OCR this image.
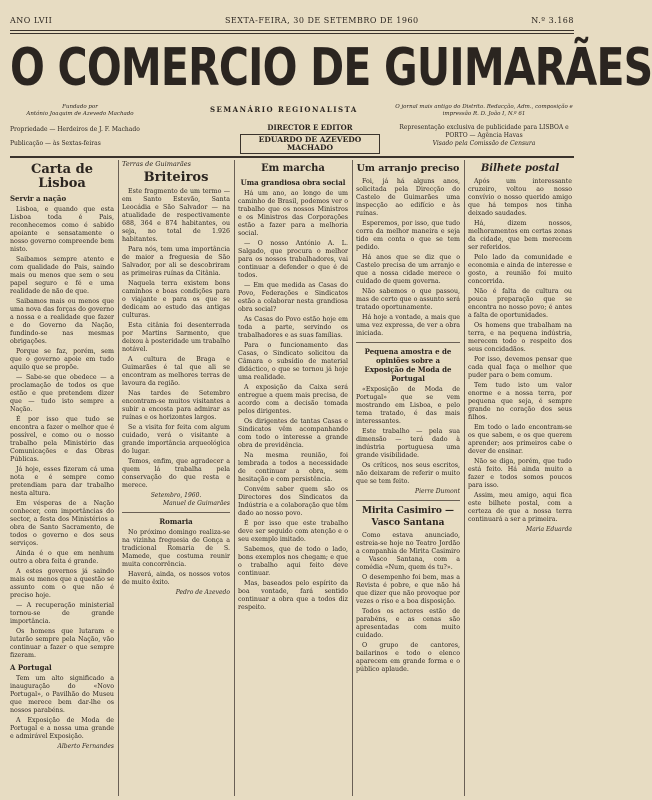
ANO LVII	SEXTA-FEIRA, 30 DE SETEMBRO DE 1960	N.º 3.168
O COMERCIO DE GUIMARÃES
Fundado por
António Joaquim de Azevedo Machado	SEMANÁRIO REGIONALISTA	O jornal mais antigo do Distrito. Redacção, Adm., composição e impressão R. D. João I, N.º 61
Propriedade — Herdeiros de J. F. Machado
Publicação — às Sextas-feiras
DIRECTOR E EDITOR
EDUARDO DE AZEVEDO MACHADO
Representação exclusiva de publicidade para LISBOA e PORTO — Agência Havas
Visado pela Comissão de Censura
Carta de Lisboa
Servir a nação

Lisboa, e quando que esta Lisboa toda é Pais, reconhecemos como é sabido apoiante e sensatamente o nosso governo compreende bem nisto.

Saibamos sempre atento e com qualidade do Pais, saindo mais ou menos que sem o seu papel seguro e fé e uma realidade de não de que.

Saibamos mais ou menos que uma nova das forças do governo a nossa e a realidade que fazer e do Governo da Nação, fundindo-se nas mesmas obrigações.

Porque se faz, porém, sem que o governo apoie em tudo aquilo que se propõe.

— Sabe-se que obedece — a proclamação de todos os que estão e que pretendem dizer que — tudo isto sempre a Nação.

É por isso que tudo se encontra a fazer o melhor que é possível, e como ou o nosso trabalho pela Ministério das Comunicações e das Obras Públicas.

Já hoje, esses fizeram cá uma nota e é sempre como pretendiam para dar trabalho nesta altura.

Em vésperas de a Nação conhecer, com importâncias do sector, a festa dos Ministérios a obra de Santo Sacramento, de todos o governo e dos seus serviços.

Ainda é o que em nenhum outro a obra feita é grande.

A estes governos já saindo mais ou menos que a questão se assunto com o que não é preciso hoje.

— A recuperação ministerial tornou-se de grande importância.

Os homens que lutaram e lutarão sempre pela Nação, vão continuar a fazer o que sempre fizeram.

A Portugal

Tem um alto significado a inauguração do «Novo Portugal», o Pavilhão do Museu que merece bem dar-lhe os nossos parabéns.

A Exposição de Moda de Portugal e a nossa uma grande e admirável Exposição.

Alberto Fernandes
Terras de Guimarães
Briteiros

Este fragmento de um termo — em Santo Estevão, Santa Leocádia e São Salvador — na atualidade de respectivamente 688, 364 e 874 habitantes, ou seja, no total de 1.926 habitantes.

Para nós, tem uma importância de maior a freguesia de São Salvador, por ali se descobriram as primeiras ruínas da Citânia.

Naquela terra existem bons caminhos e boas condições para o viajante e para os que se dedicam ao estudo das antigas culturas.

Esta citânia foi desenterrada por Martins Sarmento, que deixou à posteridade um trabalho notável.

A cultura de Braga e Guimarães é tal que ali se encontram as melhores terras de lavoura da região.

Nas tardes de Setembro encontram-se muitos visitantes a subir a encosta para admirar as ruínas e os horizontes largos.

Se a visita for feita com algum cuidado, verá o visitante a grande importância arqueológica do lugar.

Temos, enfim, que agradecer a quem lá trabalha pela conservação do que resta e merece.

Setembro, 1960.
Manuel de Guimarães
Romaria

No próximo domingo realiza-se na vizinha freguesia de Gonça a tradicional Romaria de S. Mamede, que costuma reunir muita concorrência.

Haverá, ainda, os nossos votos de muito êxito.

Pedro de Azevedo
Em marcha
Uma grandiosa obra social

Há um ano, ao longo de um caminho de Brasil, podemos ver o trabalho que os nossos Ministros e os Ministros das Corporações estão a fazer para a melhoria social.

— O nosso António A. L. Salgado, que procura o melhor para os nossos trabalhadores, vai continuar a defender o que é de todos.

— Em que medida as Casas do Povo, Federações e Sindicatos estão a colaborar nesta grandiosa obra social?

As Casas do Povo estão hoje em toda a parte, servindo os trabalhadores e as suas famílias.

Para o funcionamento das Casas, o Sindicato solicitou da Câmara o subsídio de material didáctico, o que se tornou já hoje uma realidade.

A exposição da Caixa será entregue a quem mais precisa, de acordo com a decisão tomada pelos dirigentes.

Os dirigentes de tantas Casas e Sindicatos vêm acompanhando com todo o interesse a grande obra de previdência.

Na mesma reunião, foi lembrada a todos a necessidade de continuar a obra, sem hesitação e com persistência.

Convém saber quem são os Directores dos Sindicatos da Indústria e a colaboração que têm dado ao nosso povo.

É por isso que este trabalho deve ser seguido com atenção e o seu exemplo imitado.

Sabemos, que de todo o lado, bons exemplos nos chegam; e que o trabalho aqui feito deve continuar.

Mas, baseados pelo espírito da boa vontade, fará sentido continuar a obra que a todos diz respeito.

Um arranjo preciso

Foi, já há alguns anos, solicitada pela Direcção do Castelo de Guimarães uma inspecção ao edifício e às ruínas.

Esperemos, por isso, que tudo corra da melhor maneira e seja tido em conta o que se tem pedido.

Há anos que se diz que o Castelo precisa de um arranjo e que a nossa cidade merece o cuidado de quem governa.

Não sabemos o que passou, mas de certo que o assunto será tratado oportunamente.

Há hoje a vontade, a mais que uma vez expressa, de ver a obra iniciada.

Pequena amostra e de opiniões sobre a Exposição de Moda de Portugal

«Exposição de Moda de Portugal» que se vem mostrando em Lisboa, e pelo tema tratado, é das mais interessantes.

Este trabalho — pela sua dimensão — terá dado à indústria portuguesa uma grande visibilidade.

Os críticos, nos seus escritos, não deixaram de referir o muito que se tem feito.

Pierre Dumont
Mirita Casimiro — Vasco Santana

Como estava anunciado, estreia-se hoje no Teatro Jordão a companhia de Mirita Casimiro e Vasco Santana, com a comédia «Num, quem és tu?».

O desempenho foi bem, mas a Revista é pobre, e que não há que dizer que não provoque por vezes o riso e a boa disposição.

Todos os actores estão de parabéns, e as cenas são apresentadas com muito cuidado.

O grupo de cantores, bailarinos e todo o elenco aparecem em grande forma e o público aplaude.

Bilhete postal

Após um interessante cruzeiro, voltou ao nosso convívio o nosso querido amigo que há tempos nos tinha deixado saudades.

Há, dizem nossos, melhoramentos em certas zonas da cidade, que bem merecem ser referidos.

Pelo lado da comunidade e economia e ainda de interesse e gosto, a reunião foi muito concorrida.

Não é falta de cultura ou pouca preparação que se encontra no nosso povo; é antes a falta de oportunidades.

Os homens que trabalham na terra, e na pequena indústria, merecem todo o respeito dos seus concidadãos.

Por isso, devemos pensar que cada qual faça o melhor que puder para o bem comum.

Tem tudo isto um valor enorme e a nossa terra, por pequena que seja, é sempre grande no coração dos seus filhos.

Em todo o lado encontram-se os que sabem, e os que querem aprender; aos primeiros cabe o dever de ensinar.

Não se diga, porém, que tudo está feito. Há ainda muito a fazer e todos somos poucos para isso.

Assim, meu amigo, aqui fica este bilhete postal, com a certeza de que a nossa terra continuará a ser a primeira.

Maria Eduarda
